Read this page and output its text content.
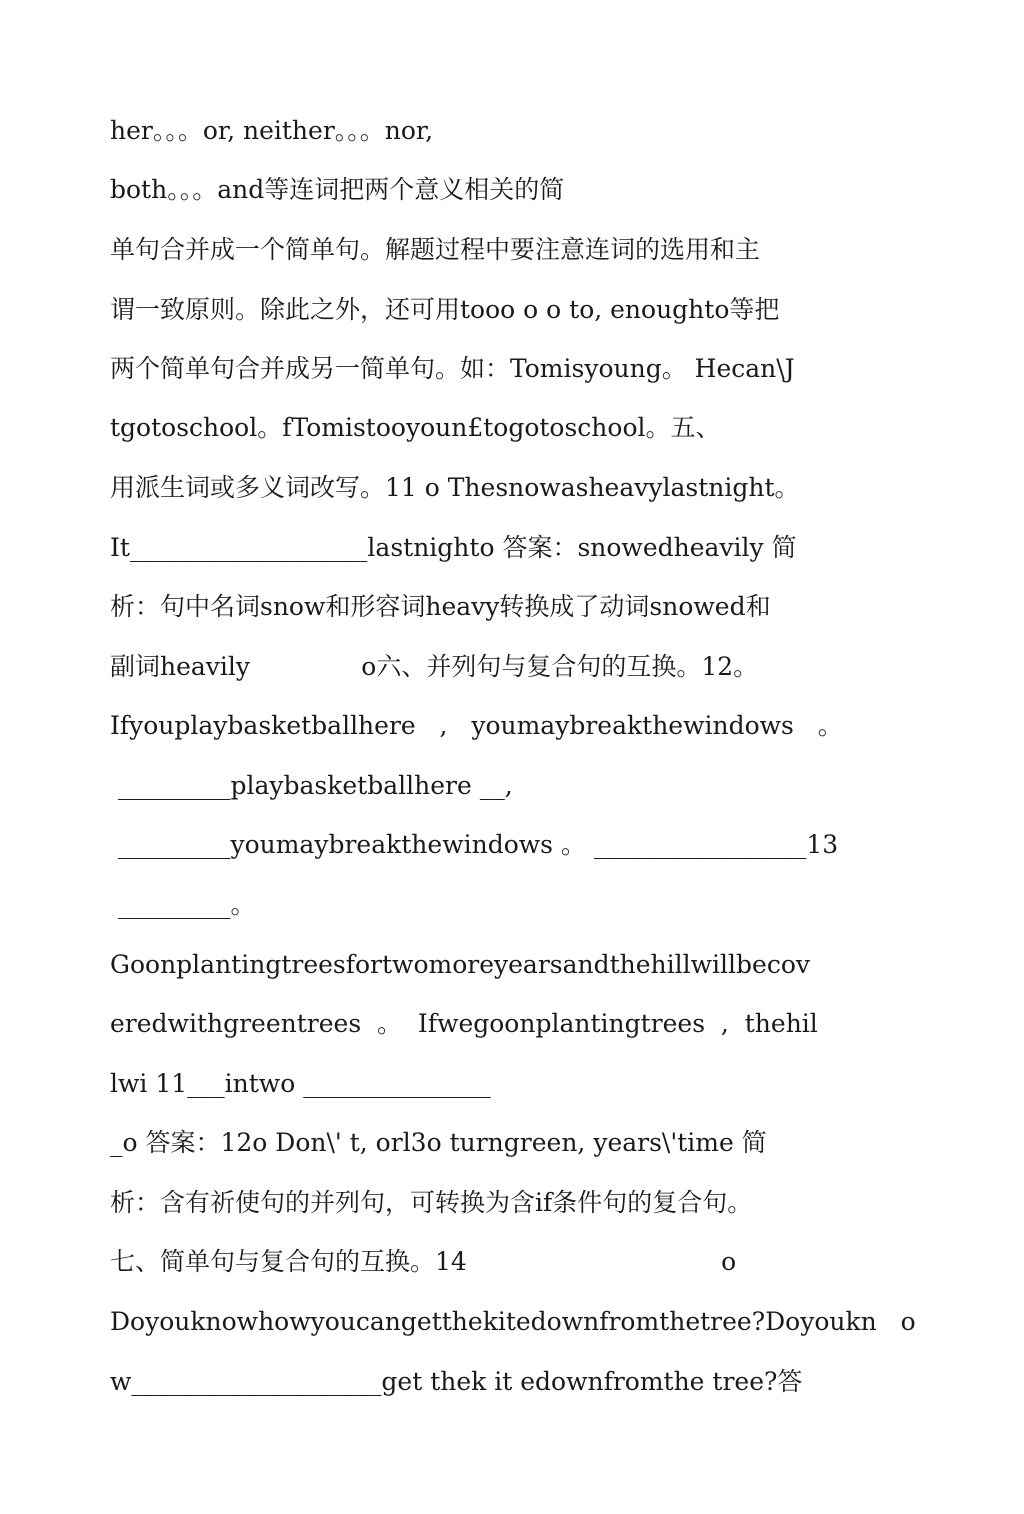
her。。。or, neither。。。nor,
both。。。and等连词把两个意义相关的简
单句合并成一个简单句。解题过程中要注意连词的选用和主
谓一致原则。除此之外，还可用tooo o o to, enoughto等把
两个简单句合并成另一简单句。如：Tomisyoung。 Hecan\J
tgotoschool。fTomistooyoun£togotoschool。五、
用派生词或多义词改写。11 o Thesnowasheavylastnight。
It___________________lastnighto 答案：snowedheavily 简
析：句中名词snow和形容词heavy转换成了动词snowed和
副词heavily              o六、并列句与复合句的互换。12。
Ifyouplaybasketballhere   ,   youmaybreakthewindows   。
_________playbasketballhere __,
_________youmaybreakthewindows 。 _________________13
_________。
Goonplantingtreesfortwomoreyearsandthehillwillbecov
eredwithgreentrees  。  Ifwegoonplantingtrees  ,  thehil
lwi 11___intwo _______________
_o 答案：12o Don\' t, orl3o turngreen, years\'time 简
析：含有祈使句的并列句，可转换为含if条件句的复合句。
七、简单句与复合句的互换。14                                o
Doyouknowhowyoucangetthekitedownfromthetree?Doyoukn   o
w____________________get thek it edownfromthe tree?答
